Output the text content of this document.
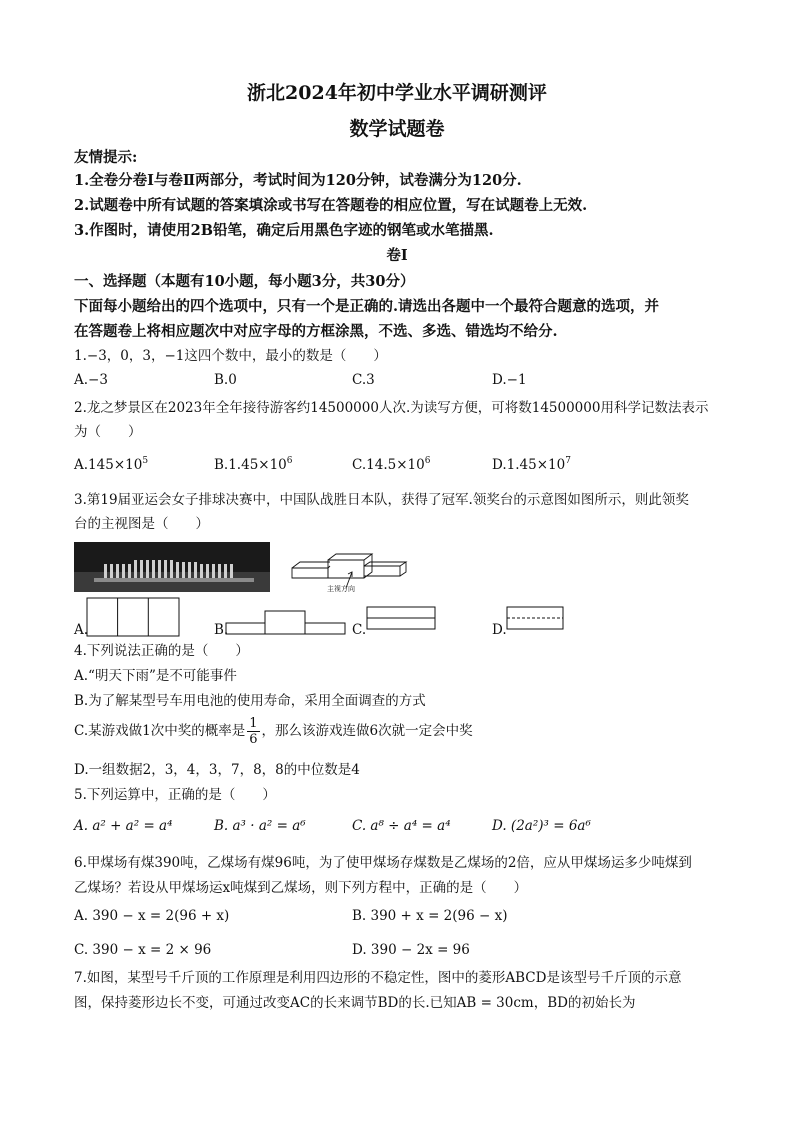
浙北2024年初中学业水平调研测评
数学试题卷
友情提示:
1.全卷分卷Ⅰ与卷Ⅱ两部分，考试时间为120分钟，试卷满分为120分.
2.试题卷中所有试题的答案填涂或书写在答题卷的相应位置，写在试题卷上无效.
3.作图时，请使用2B铅笔，确定后用黑色字迹的钢笔或水笔描黑.
卷Ⅰ
一、选择题（本题有10小题，每小题3分，共30分）
下面每小题给出的四个选项中，只有一个是正确的.请选出各题中一个最符合题意的选项，并
在答题卷上将相应题次中对应字母的方框涂黑，不选、多选、错选均不给分.
1.−3，0，3，−1这四个数中，最小的数是（　　）
A.−3	B.0	C.3	D.−1
2.龙之梦景区在2023年全年接待游客约14500000人次.为读写方便，可将数14500000用科学记数法表示
为（　　）
$A.145\times 10^5$	$B.1.45\times 10^6$	$C.14.5\times 10^6$	$D.1.45\times 10^7$
3.第19届亚运会女子排球决赛中，中国队战胜日本队，获得了冠军.领奖台的示意图如图所示，则此领奖
台的主视图是（　　）
主视方向
A.	B.	C.	D.
4.下列说法正确的是（　　）
A.“明天下雨”是不可能事件
B.为了解某型号车用电池的使用寿命，采用全面调查的方式
C.某游戏做1次中奖的概率是 $\frac{1}{6}$ ，那么该游戏连做6次就一定会中奖
D.一组数据2，3，4，3，7，8，8的中位数是4
5.下列运算中，正确的是（　　）
A. a² + a² = a⁴	B. a³ · a² = a⁶	C. a⁸ ÷ a⁴ = a⁴	D. (2a²)³ = 6a⁶
6.甲煤场有煤390吨，乙煤场有煤96吨，为了使甲煤场存煤数是乙煤场的2倍，应从甲煤场运多少吨煤到
乙煤场？若设从甲煤场运x吨煤到乙煤场，则下列方程中，正确的是（　　）
A. 390 − x = 2(96 + x)	B. 390 + x = 2(96 − x)
C. 390 − x = 2 × 96	D. 390 − 2x = 96
7.如图，某型号千斤顶的工作原理是利用四边形的不稳定性，图中的菱形ABCD是该型号千斤顶的示意
图，保持菱形边长不变，可通过改变AC的长来调节BD的长.已知AB = 30cm，BD的初始长为
